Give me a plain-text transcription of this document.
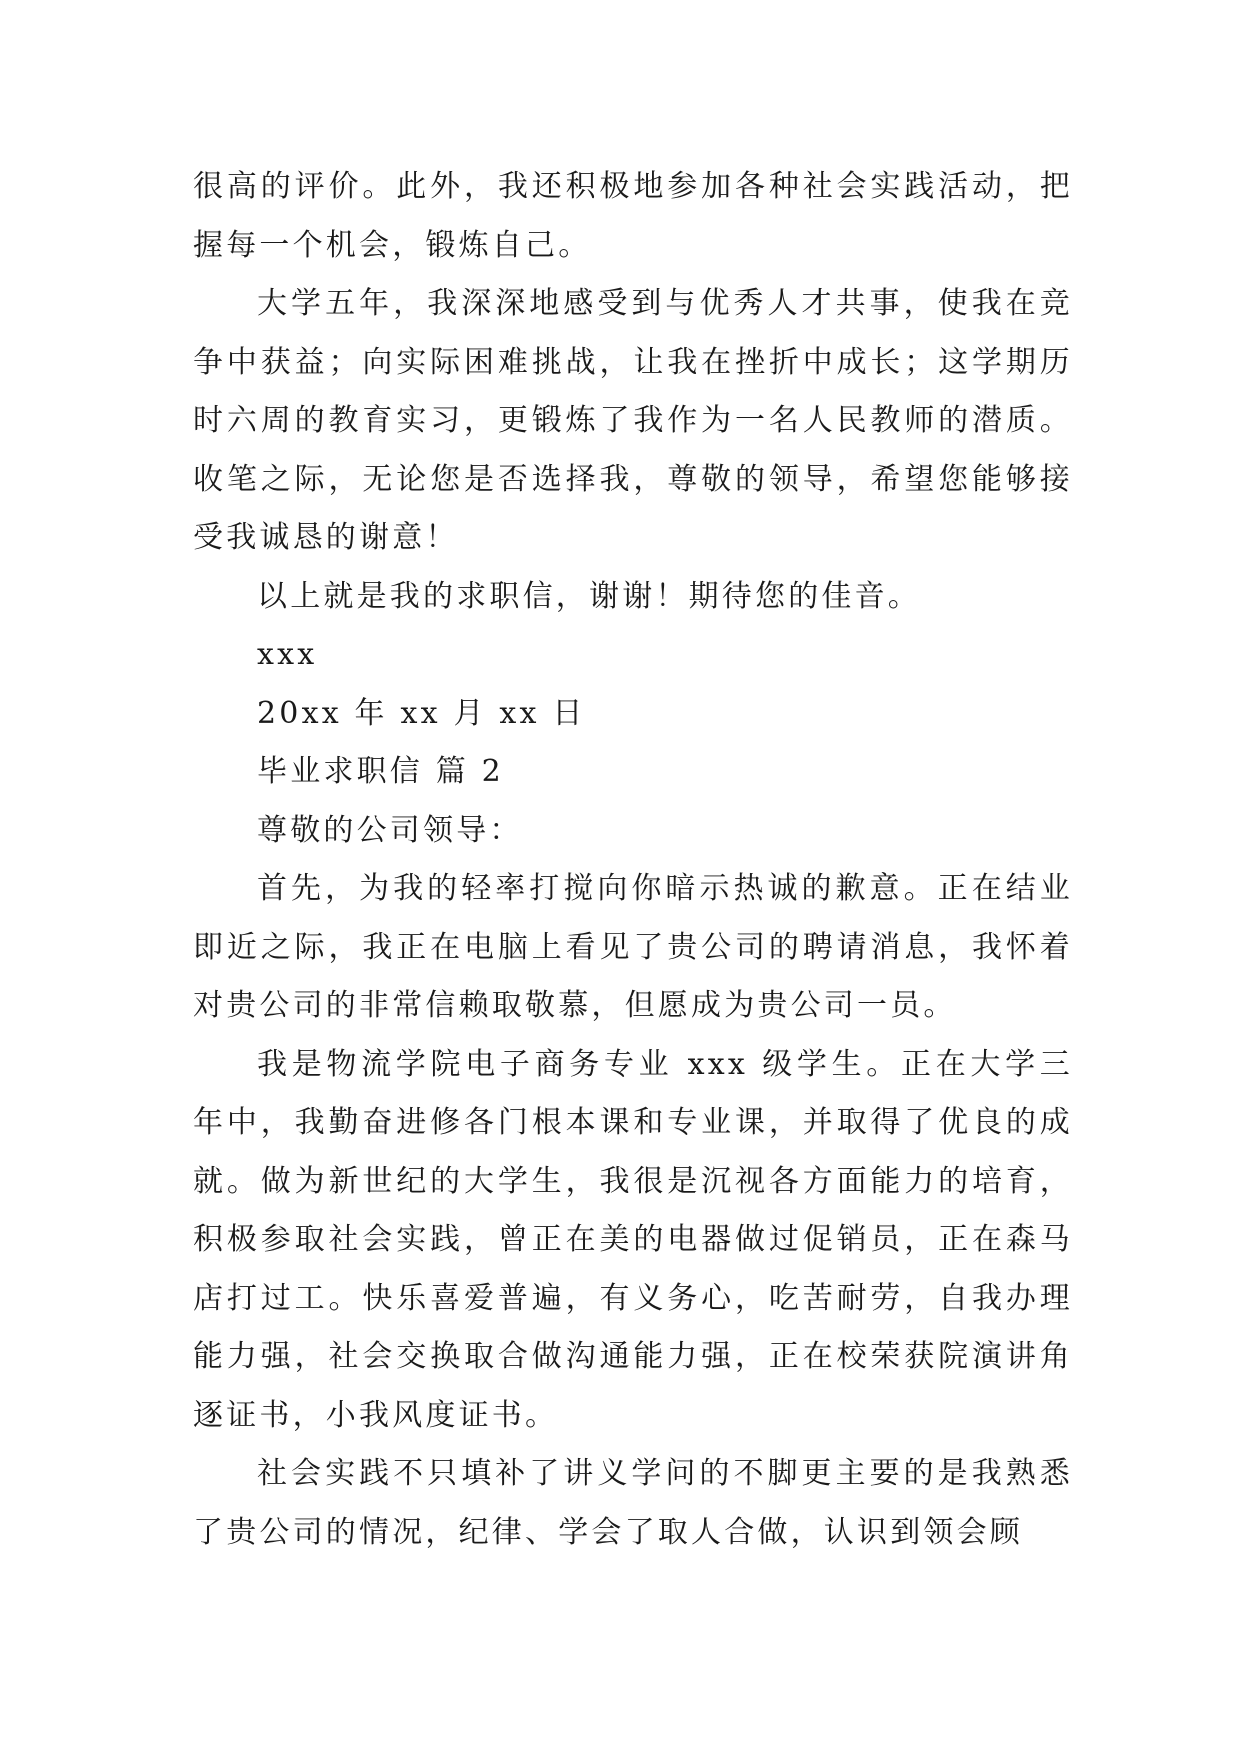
很高的评价。此外，我还积极地参加各种社会实践活动，把握每一个机会，锻炼自己。

大学五年，我深深地感受到与优秀人才共事，使我在竞争中获益；向实际困难挑战，让我在挫折中成长；这学期历时六周的教育实习，更锻炼了我作为一名人民教师的潜质。收笔之际，无论您是否选择我，尊敬的领导，希望您能够接受我诚恳的谢意！

以上就是我的求职信，谢谢！期待您的佳音。

xxx

20xx 年 xx 月 xx 日

毕业求职信 篇 2

尊敬的公司领导：

首先，为我的轻率打搅向你暗示热诚的歉意。正在结业即近之际，我正在电脑上看见了贵公司的聘请消息，我怀着对贵公司的非常信赖取敬慕，但愿成为贵公司一员。

我是物流学院电子商务专业 xxx 级学生。正在大学三年中，我勤奋进修各门根本课和专业课，并取得了优良的成就。做为新世纪的大学生，我很是沉视各方面能力的培育，积极参取社会实践，曾正在美的电器做过促销员，正在森马店打过工。快乐喜爱普遍，有义务心，吃苦耐劳，自我办理能力强，社会交换取合做沟通能力强，正在校荣获院演讲角逐证书，小我风度证书。

社会实践不只填补了讲义学问的不脚更主要的是我熟悉了贵公司的情况，纪律、学会了取人合做，认识到领会顾
